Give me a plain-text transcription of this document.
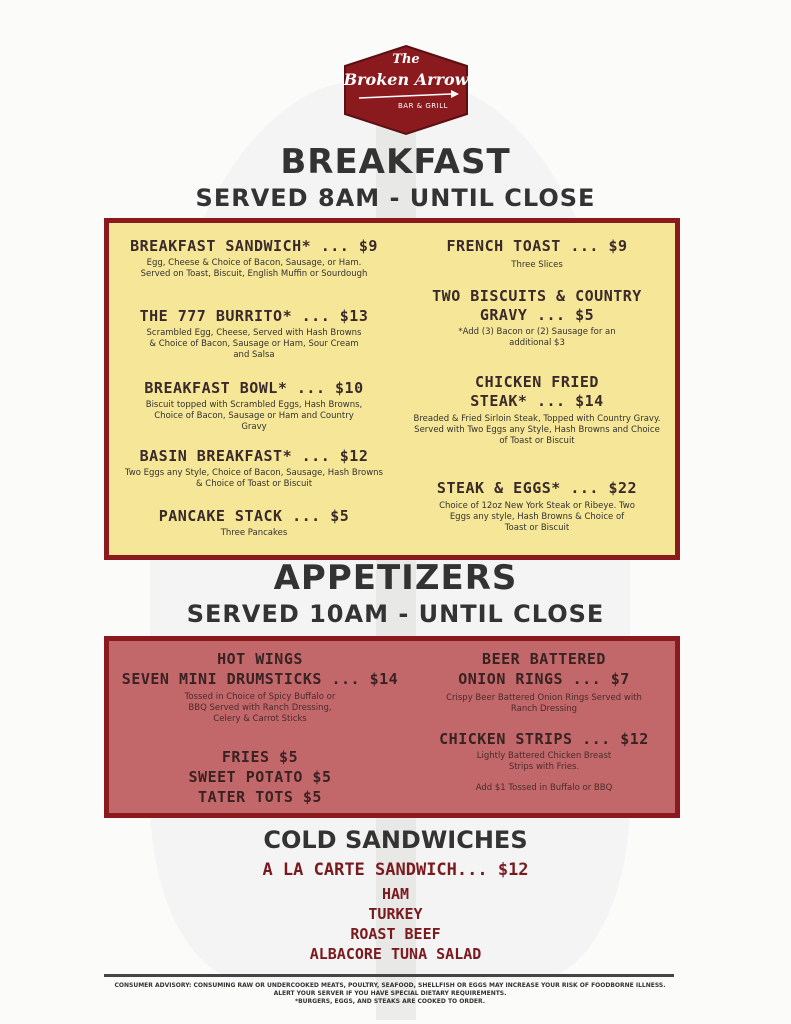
The
Broken Arrow
BAR & GRILL
BREAKFAST
SERVED 8AM - UNTIL CLOSE
BREAKFAST SANDWICH* ... $9
Egg, Cheese & Choice of Bacon, Sausage, or Ham. Served on Toast, Biscuit, English Muffin or Sourdough
THE 777 BURRITO* ... $13
Scrambled Egg, Cheese, Served with Hash Browns & Choice of Bacon, Sausage or Ham, Sour Cream and Salsa
BREAKFAST BOWL* ... $10
Biscuit topped with Scrambled Eggs, Hash Browns, Choice of Bacon, Sausage or Ham and Country Gravy
BASIN BREAKFAST* ... $12
Two Eggs any Style, Choice of Bacon, Sausage, Hash Browns & Choice of Toast or Biscuit
PANCAKE STACK ... $5
Three Pancakes
FRENCH TOAST ... $9
Three Slices
TWO BISCUITS & COUNTRY GRAVY ... $5
*Add (3) Bacon or (2) Sausage for an additional $3
CHICKEN FRIED STEAK* ... $14
Breaded & Fried Sirloin Steak, Topped with Country Gravy. Served with Two Eggs any Style, Hash Browns and Choice of Toast or Biscuit
STEAK & EGGS* ... $22
Choice of 12oz New York Steak or Ribeye. Two Eggs any style, Hash Browns & Choice of Toast or Biscuit
APPETIZERS
SERVED 10AM - UNTIL CLOSE
HOT WINGS
SEVEN MINI DRUMSTICKS ... $14
Tossed in Choice of Spicy Buffalo or BBQ Served with Ranch Dressing, Celery & Carrot Sticks
FRIES $5
SWEET POTATO $5
TATER TOTS $5
BEER BATTERED
ONION RINGS ... $7
Crispy Beer Battered Onion Rings Served with Ranch Dressing
CHICKEN STRIPS ... $12
Lightly Battered Chicken Breast Strips with Fries.
Add $1 Tossed in Buffalo or BBQ
COLD SANDWICHES
A LA CARTE SANDWICH... $12
HAM
TURKEY
ROAST BEEF
ALBACORE TUNA SALAD
CONSUMER ADVISORY: CONSUMING RAW OR UNDERCOOKED MEATS, POULTRY, SEAFOOD, SHELLFISH OR EGGS MAY INCREASE YOUR RISK OF FOODBORNE ILLNESS. ALERT YOUR SERVER IF YOU HAVE SPECIAL DIETARY REQUIREMENTS.
*BURGERS, EGGS, AND STEAKS ARE COOKED TO ORDER.
